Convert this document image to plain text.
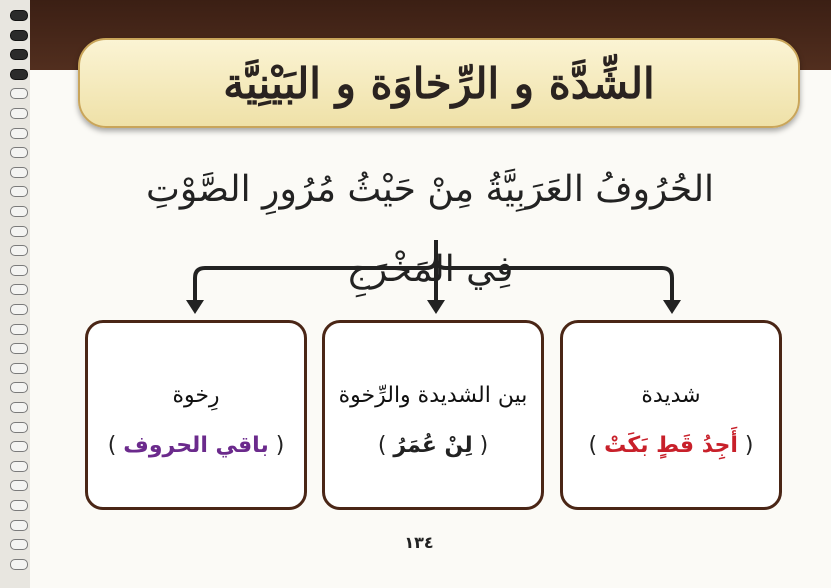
الشِّدَّة و الرِّخاوَة و البَيْنِيَّة
الحُرُوفُ العَرَبِيَّةُ مِنْ حَيْثُ مُرُورِ الصَّوْتِ فِي المَخْرَجِ
شديدة
( أَجِدُ قَطٍ بَكَتْ )
بين الشديدة والرِّخوة
( لِنْ عُمَرُ )
رِخوة
( باقي الحروف )
١٣٤
